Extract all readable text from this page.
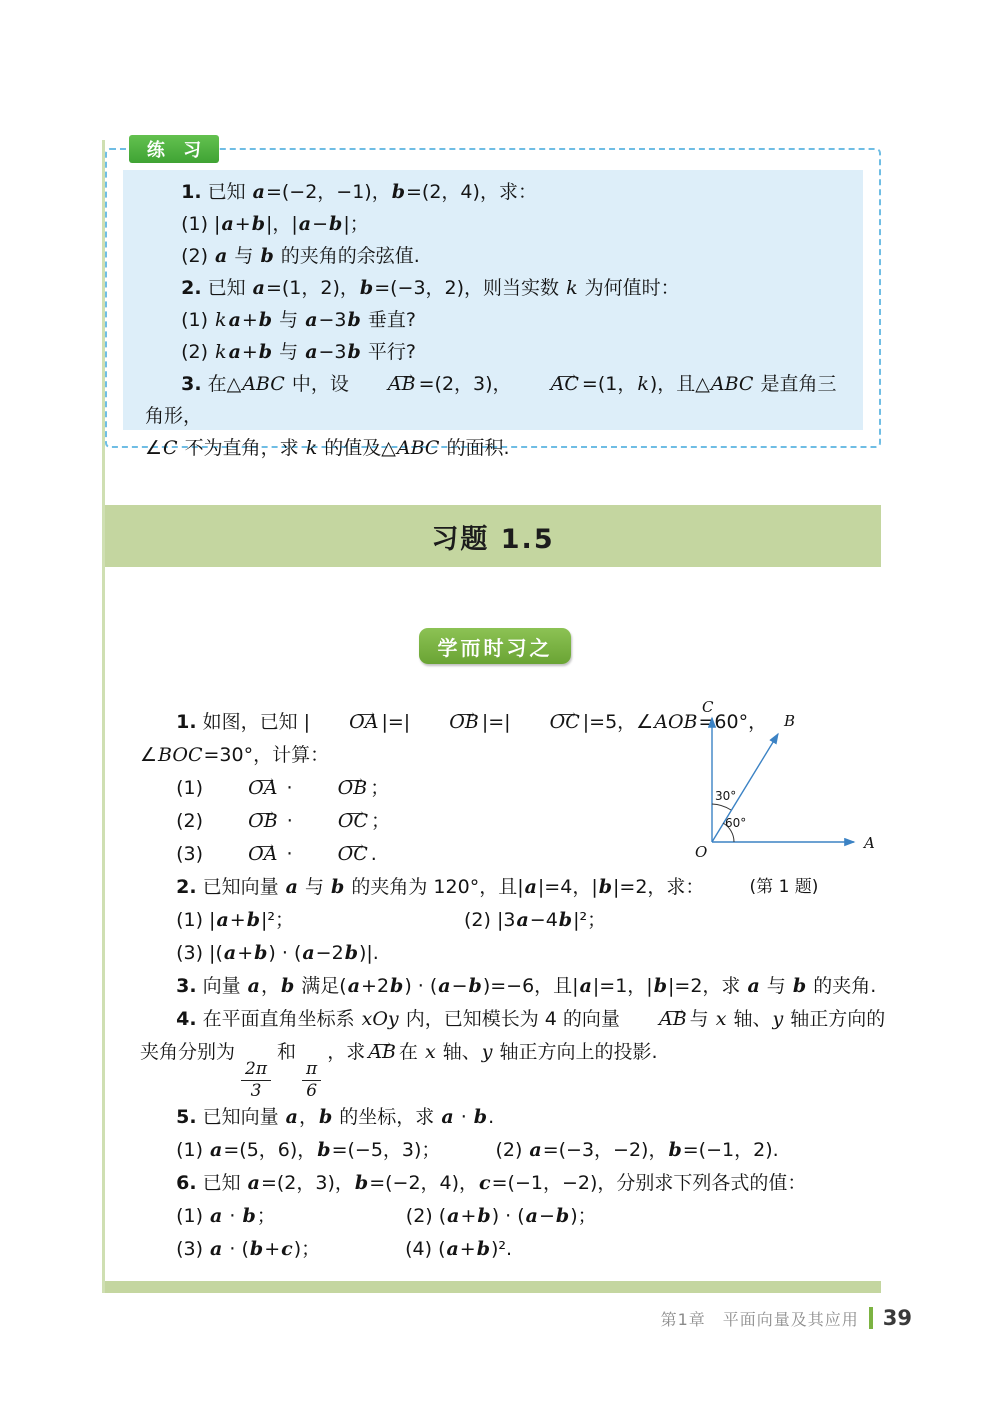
练 习
1. 已知 a=(−2，−1)，b=(2，4)，求：
(1) |a+b|，|a−b|；
(2) a 与 b 的夹角的余弦值.
2. 已知 a=(1，2)，b=(−3，2)，则当实数 k 为何值时：
(1) k a+b 与 a−3b 垂直?
(2) k a+b 与 a−3b 平行?
3. 在△ABC 中，设 ⟶ AB =(2，3)， ⟶ AC =(1，k)，且△ABC 是直角三角形，
∠C 不为直角，求 k 的值及△ABC 的面积.
习题 1.5
学而时习之
1. 如图，已知 | ⟶ OA |=| ⟶ OB |=| ⟶ OC |=5，∠AOB=60°，
∠BOC=30°，计算：
(1) ⟶ OA · ⟶ OB ；
(2) ⟶ OB · ⟶ OC ；
(3) ⟶ OA · ⟶ OC .
2. 已知向量 a 与 b 的夹角为 120°，且|a|=4，|b|=2，求：
(1) |a+b|²；	(2) |3a−4b|²；
(3) |(a+b) · (a−2b)|.
3. 向量 a，b 满足(a+2b) · (a−b)=−6，且|a|=1，|b|=2，求 a 与 b 的夹角.
4. 在平面直角坐标系 xOy 内，已知模长为 4 的向量 ⟶ AB 与 x 轴、y 轴正方向的
夹角分别为
$\frac{2\pi}{3}$
和
$\frac{\pi}{6}$
，求 ⟶ AB 在 x 轴、y 轴正方向上的投影.
5. 已知向量 a，b 的坐标，求 a · b.
(1) a=(5，6)，b=(−5，3)；	(2) a=(−3，−2)，b=(−1，2).
6. 已知 a=(2，3)，b=(−2，4)，c=(−1，−2)，分别求下列各式的值：
(1) a · b；	(2) (a+b) · (a−b)；
(3) a · (b+c)；	(4) (a+b)².
30°
60°
C
B
A
O
(第 1 题)
第1章　平面向量及其应用 39
